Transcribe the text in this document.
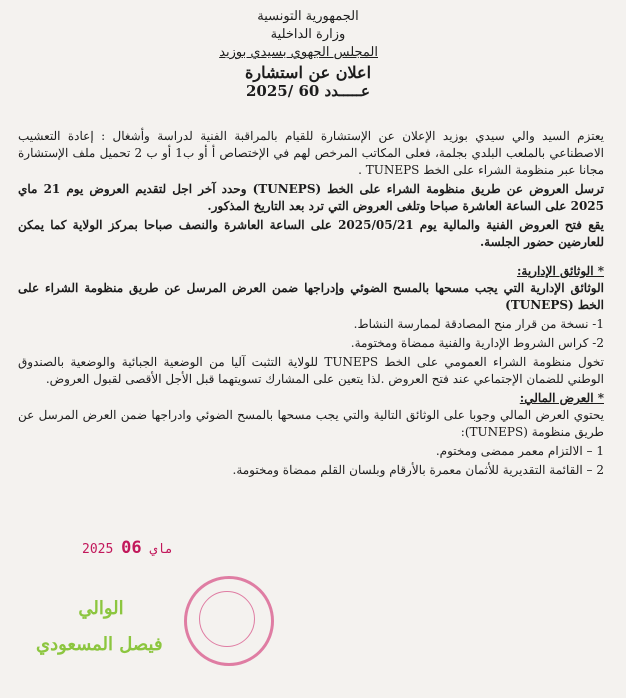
الجمهورية التونسية
وزارة الداخلية
المجلس الجهوي بسيدي بوزيد
اعلان عن استشارة
عـــــدد 60 /2025

يعتزم السيد والي سيدي بوزيد الإعلان عن الإستشارة للقيام بالمراقبة الفنية لدراسة وأشغال : إعادة التعشيب الاصطناعي بالملعب البلدي بجلمة، فعلى المكاتب المرخص لهم في الإختصاص أ أو ب1 أو ب 2 تحميل ملف الإستشارة مجانا عبر منظومة الشراء على الخط TUNEPS .

ترسل العروض عن طريق منظومة الشراء على الخط (TUNEPS) وحدد آخر اجل لتقديم العروض يوم 21 ماي 2025 على الساعة العاشرة صباحا وتلغى العروض التي ترد بعد التاريخ المذكور.

يقع فتح العروض الفنية والمالية يوم 2025/05/21 على الساعة العاشرة والنصف صباحا بمركز الولاية كما يمكن للعارضين حضور الجلسة.

* الوثائق الإدارية:

الوثائق الإدارية التي يجب مسحها بالمسح الضوئي وإدراجها ضمن العرض المرسل عن طريق منظومة الشراء على الخط (TUNEPS)

1- نسخة من قرار منح المصادقة لممارسة النشاط.

2- كراس الشروط الإدارية والفنية ممضاة ومختومة.

تخول منظومة الشراء العمومي على الخط TUNEPS للولاية التثبت آليا من الوضعية الجبائية والوضعية بالصندوق الوطني للضمان الإجتماعي عند فتح العروض .لذا يتعين على المشارك تسويتهما قبل الأجل الأقصى لقبول العروض.

* العرض المالي:

يحتوي العرض المالي وجوبا على الوثائق التالية والتي يجب مسحها بالمسح الضوئي وادراجها ضمن العرض المرسل عن طريق منظومة (TUNEPS):

1 – الالتزام معمر ممضى ومختوم.

2 – القائمة التقديرية للأثمان معمرة بالأرقام وبلسان القلم ممضاة ومختومة.

2025	ماي 06
الوالي
فيصل المسعودي
